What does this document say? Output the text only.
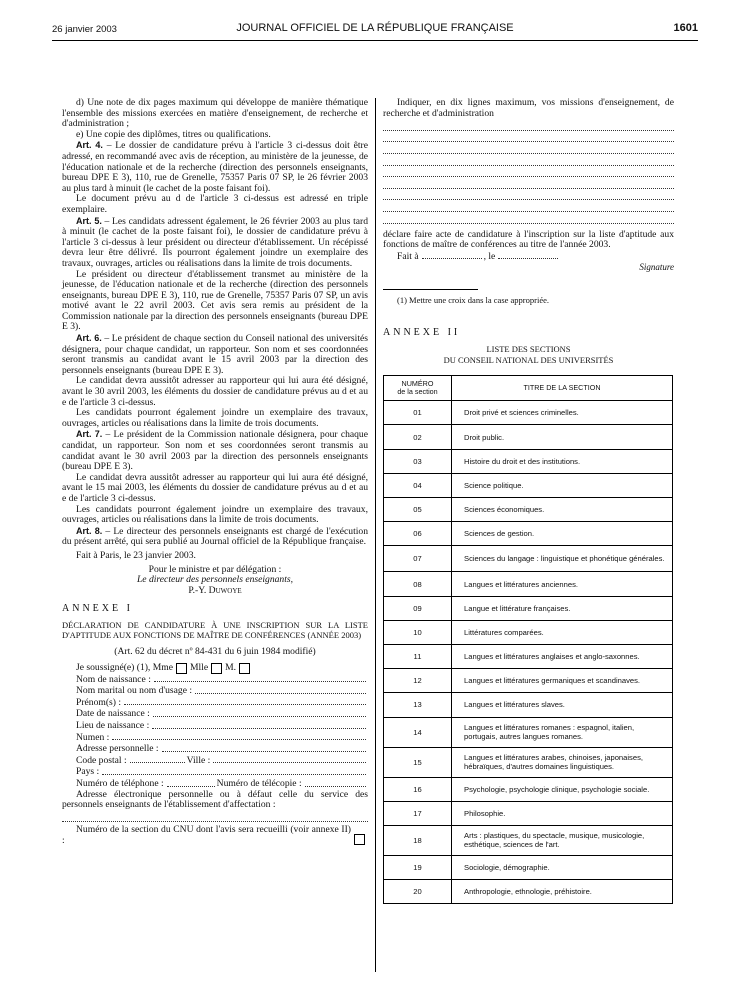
26 janvier 2003	JOURNAL OFFICIEL DE LA RÉPUBLIQUE FRANÇAISE	1601

d) Une note de dix pages maximum qui développe de manière thématique l'ensemble des missions exercées en matière d'enseignement, de recherche et d'administration ;

e) Une copie des diplômes, titres ou qualifications.

Art. 4. – Le dossier de candidature prévu à l'article 3 ci-dessus doit être adressé, en recommandé avec avis de réception, au ministère de la jeunesse, de l'éducation nationale et de la recherche (direction des personnels enseignants, bureau DPE E 3), 110, rue de Grenelle, 75357 Paris 07 SP, le 26 février 2003 au plus tard à minuit (le cachet de la poste faisant foi).

Le document prévu au d de l'article 3 ci-dessus est adressé en triple exemplaire.

Art. 5. – Les candidats adressent également, le 26 février 2003 au plus tard à minuit (le cachet de la poste faisant foi), le dossier de candidature prévu à l'article 3 ci-dessus à leur président ou directeur d'établissement. Un récépissé devra leur être délivré. Ils pourront également joindre un exemplaire des travaux, ouvrages, articles ou réalisations dans la limite de trois documents.

Le président ou directeur d'établissement transmet au ministère de la jeunesse, de l'éducation nationale et de la recherche (direction des personnels enseignants, bureau DPE E 3), 110, rue de Grenelle, 75357 Paris 07 SP, un avis motivé avant le 22 avril 2003. Cet avis sera remis au président de la Commission nationale par la direction des personnels enseignants (bureau DPE E 3).

Art. 6. – Le président de chaque section du Conseil national des universités désignera, pour chaque candidat, un rapporteur. Son nom et ses coordonnées seront transmis au candidat avant le 15 avril 2003 par la direction des personnels enseignants (bureau DPE E 3).

Le candidat devra aussitôt adresser au rapporteur qui lui aura été désigné, avant le 30 avril 2003, les éléments du dossier de candidature prévus au d et au e de l'article 3 ci-dessus.

Les candidats pourront également joindre un exemplaire des travaux, ouvrages, articles ou réalisations dans la limite de trois documents.

Art. 7. – Le président de la Commission nationale désignera, pour chaque candidat, un rapporteur. Son nom et ses coordonnées seront transmis au candidat avant le 30 avril 2003 par la direction des personnels enseignants (bureau DPE E 3).

Le candidat devra aussitôt adresser au rapporteur qui lui aura été désigné, avant le 15 mai 2003, les éléments du dossier de candidature prévus au d et au e de l'article 3 ci-dessus.

Les candidats pourront également joindre un exemplaire des travaux, ouvrages, articles ou réalisations dans la limite de trois documents.

Art. 8. – Le directeur des personnels enseignants est chargé de l'exécution du présent arrêté, qui sera publié au Journal officiel de la République française.

Fait à Paris, le 23 janvier 2003.

Pour le ministre et par délégation :

Le directeur des personnels enseignants,

P.-Y. Duwoye

ANNEXE I

DÉCLARATION DE CANDIDATURE À UNE INSCRIPTION SUR LA LISTE D'APTITUDE AUX FONCTIONS DE MAÎTRE DE CONFÉRENCES (ANNÉE 2003)

(Art. 62 du décret nº 84-431 du 6 juin 1984 modifié)

Je soussigné(e) (1), Mme Mlle M.
Nom de naissance :
Nom marital ou nom d'usage :
Prénom(s) :
Date de naissance :
Lieu de naissance :
Numen :
Adresse personnelle :
Code postal :	Ville :
Pays :
Numéro de téléphone :	Numéro de télécopie :

Adresse électronique personnelle ou à défaut celle du service des personnels enseignants de l'établissement d'affectation :

Numéro de la section du CNU dont l'avis sera recueilli (voir annexe II) :

Indiquer, en dix lignes maximum, vos missions d'enseignement, de recherche et d'administration

déclare faire acte de candidature à l'inscription sur la liste d'aptitude aux fonctions de maître de conférences au titre de l'année 2003.

Fait à	, le

Signature

(1) Mettre une croix dans la case appropriée.

ANNEXE II

LISTE DES SECTIONS

DU CONSEIL NATIONAL DES UNIVERSITÉS

NUMÉRO
de la section	TITRE DE LA SECTION
01	Droit privé et sciences criminelles.
02	Droit public.
03	Histoire du droit et des institutions.
04	Science politique.
05	Sciences économiques.
06	Sciences de gestion.
07	Sciences du langage : linguistique et phonétique générales.
08	Langues et littératures anciennes.
09	Langue et littérature françaises.
10	Littératures comparées.
11	Langues et littératures anglaises et anglo-saxonnes.
12	Langues et littératures germaniques et scandinaves.
13	Langues et littératures slaves.
14	Langues et littératures romanes : espagnol, italien, portugais, autres langues romanes.
15	Langues et littératures arabes, chinoises, japonaises, hébraïques, d'autres domaines linguistiques.
16	Psychologie, psychologie clinique, psychologie sociale.
17	Philosophie.
18	Arts : plastiques, du spectacle, musique, musicologie, esthétique, sciences de l'art.
19	Sociologie, démographie.
20	Anthropologie, ethnologie, préhistoire.
